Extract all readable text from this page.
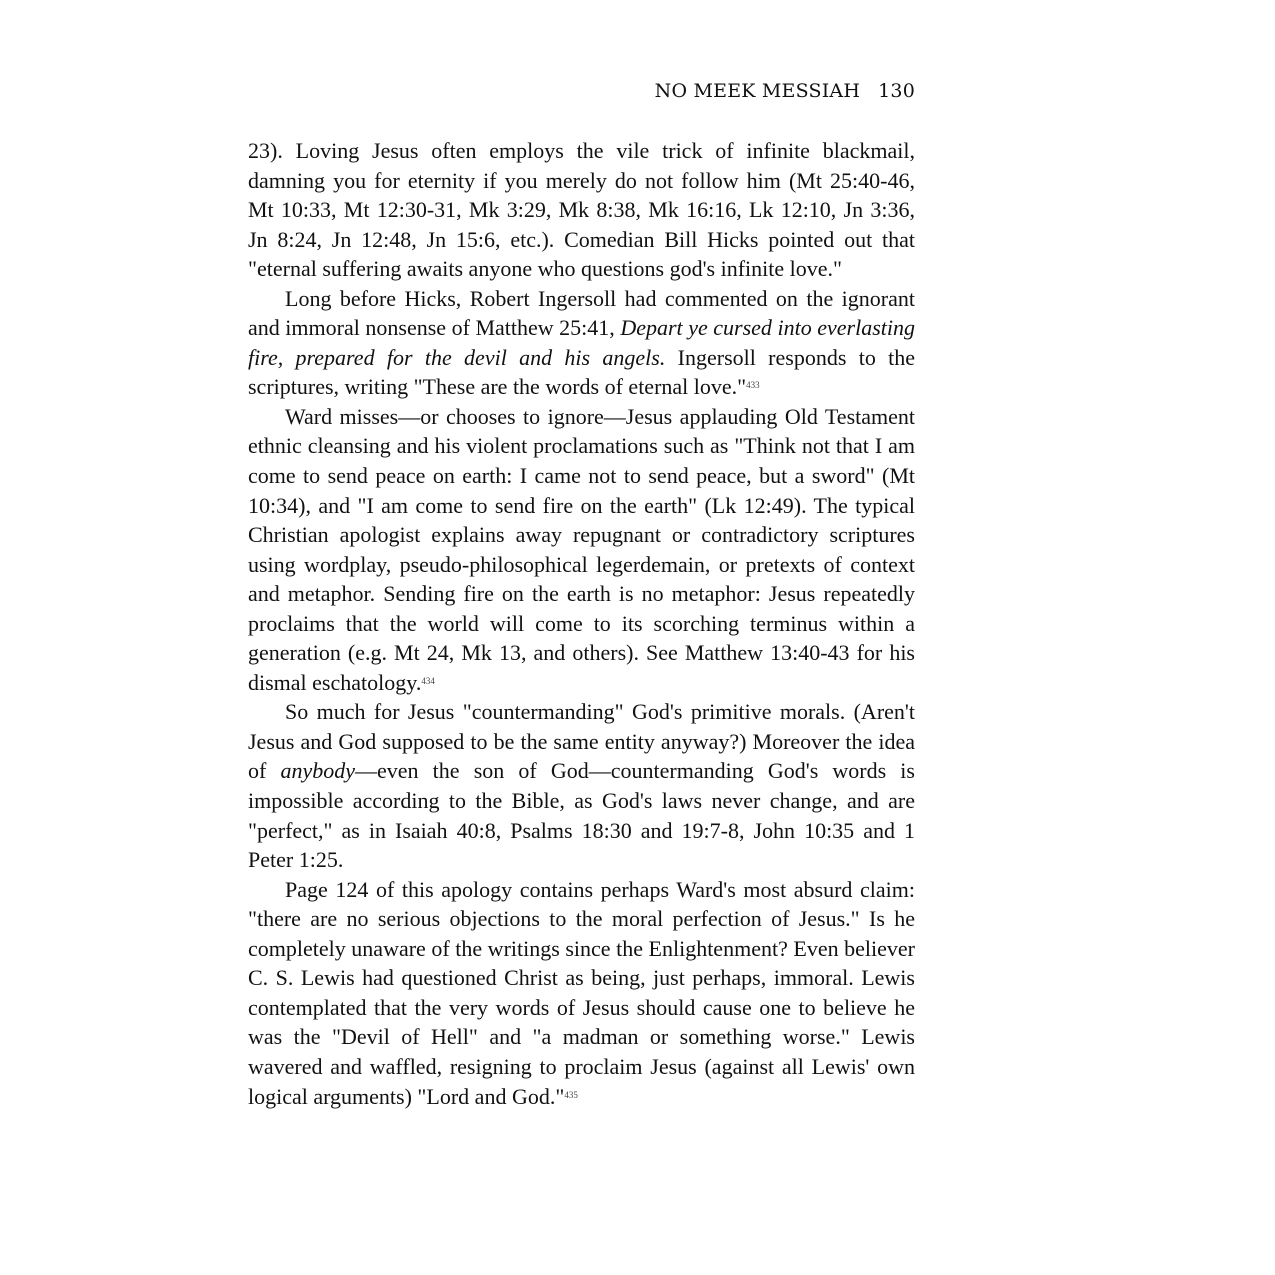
NO MEEK MESSIAH 130

23). Loving Jesus often employs the vile trick of infinite blackmail, damning you for eternity if you merely do not follow him (Mt 25:40-46, Mt 10:33, Mt 12:30-31, Mk 3:29, Mk 8:38, Mk 16:16, Lk 12:10, Jn 3:36, Jn 8:24, Jn 12:48, Jn 15:6, etc.). Comedian Bill Hicks pointed out that "eternal suffering awaits anyone who questions god's infinite love."

Long before Hicks, Robert Ingersoll had commented on the ignorant and immoral nonsense of Matthew 25:41, Depart ye cursed into everlasting fire, prepared for the devil and his angels. Ingersoll responds to the scriptures, writing "These are the words of eternal love."$^{433}$

Ward misses—or chooses to ignore—Jesus applauding Old Testament ethnic cleansing and his violent proclamations such as "Think not that I am come to send peace on earth: I came not to send peace, but a sword" (Mt 10:34), and "I am come to send fire on the earth" (Lk 12:49). The typical Christian apologist explains away repugnant or contradictory scriptures using wordplay, pseudo-philosophical legerdemain, or pretexts of context and metaphor. Sending fire on the earth is no metaphor: Jesus repeatedly proclaims that the world will come to its scorching terminus within a generation (e.g. Mt 24, Mk 13, and others). See Matthew 13:40-43 for his dismal eschatology.$^{434}$

So much for Jesus "countermanding" God's primitive morals. (Aren't Jesus and God supposed to be the same entity anyway?) Moreover the idea of anybody—even the son of God—countermanding God's words is impossible according to the Bible, as God's laws never change, and are "perfect," as in Isaiah 40:8, Psalms 18:30 and 19:7-8, John 10:35 and 1 Peter 1:25.

Page 124 of this apology contains perhaps Ward's most absurd claim: "there are no serious objections to the moral perfection of Jesus." Is he completely unaware of the writings since the Enlightenment? Even believer C. S. Lewis had questioned Christ as being, just perhaps, immoral. Lewis contemplated that the very words of Jesus should cause one to believe he was the "Devil of Hell" and "a madman or something worse." Lewis wavered and waffled, resigning to proclaim Jesus (against all Lewis' own logical arguments) "Lord and God."$^{435}$
